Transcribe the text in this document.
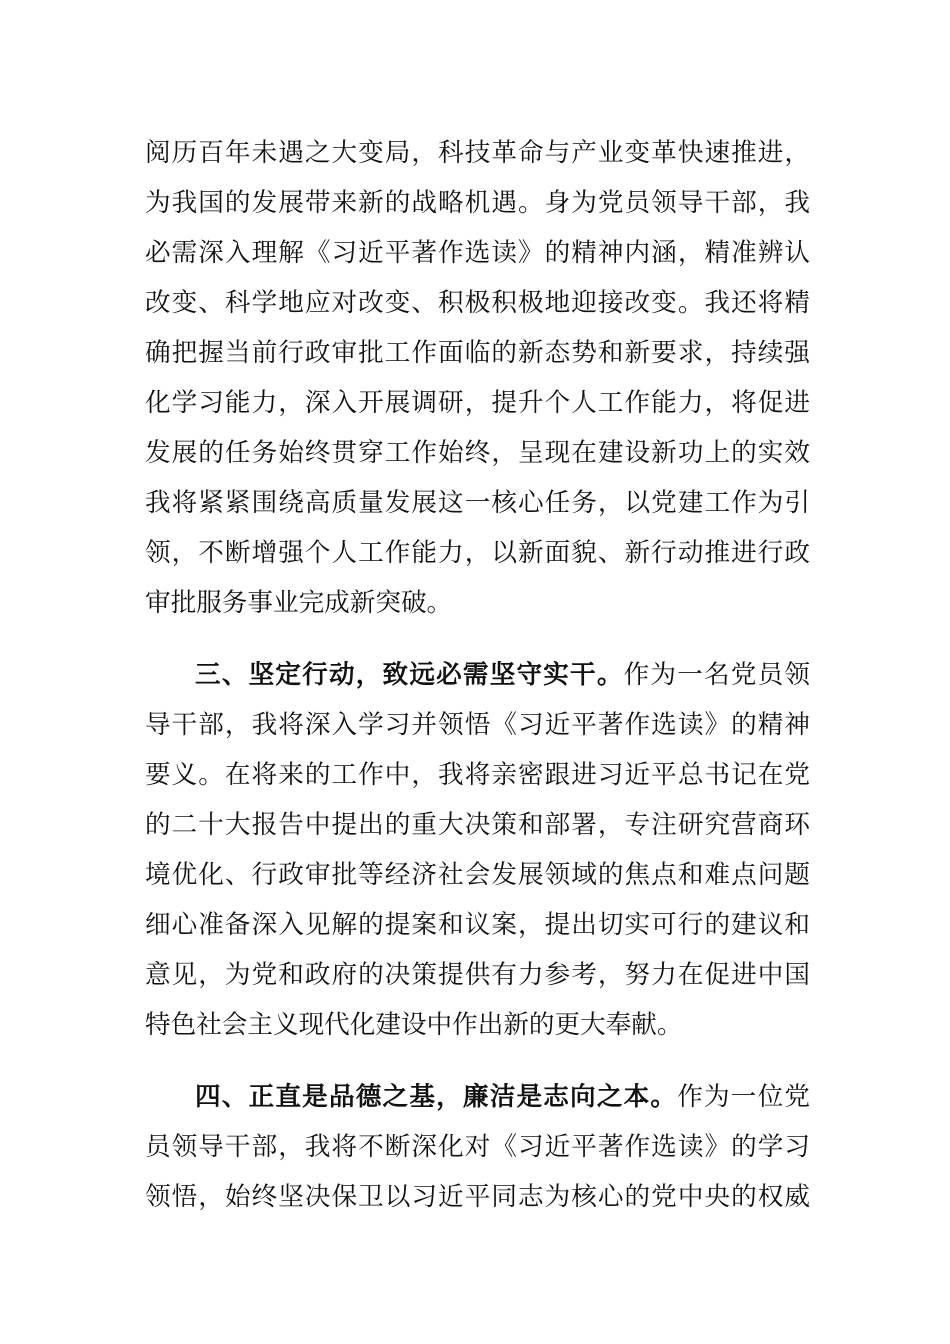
阅历百年未遇之大变局，科技革命与产业变革快速推进，
为我国的发展带来新的战略机遇。身为党员领导干部，我
必需深入理解《习近平著作选读》的精神内涵，精准辨认
改变、科学地应对改变、积极积极地迎接改变。我还将精
确把握当前行政审批工作面临的新态势和新要求，持续强
化学习能力，深入开展调研，提升个人工作能力，将促进
发展的任务始终贯穿工作始终，呈现在建设新功上的实效
我将紧紧围绕高质量发展这一核心任务，以党建工作为引
领，不断增强个人工作能力，以新面貌、新行动推进行政
审批服务事业完成新突破。
三、坚定行动，致远必需坚守实干。作为一名党员领
导干部，我将深入学习并领悟《习近平著作选读》的精神
要义。在将来的工作中，我将亲密跟进习近平总书记在党
的二十大报告中提出的重大决策和部署，专注研究营商环
境优化、行政审批等经济社会发展领域的焦点和难点问题
细心准备深入见解的提案和议案，提出切实可行的建议和
意见，为党和政府的决策提供有力参考，努力在促进中国
特色社会主义现代化建设中作出新的更大奉献。
四、正直是品德之基，廉洁是志向之本。作为一位党
员领导干部，我将不断深化对《习近平著作选读》的学习
领悟，始终坚决保卫以习近平同志为核心的党中央的权威
